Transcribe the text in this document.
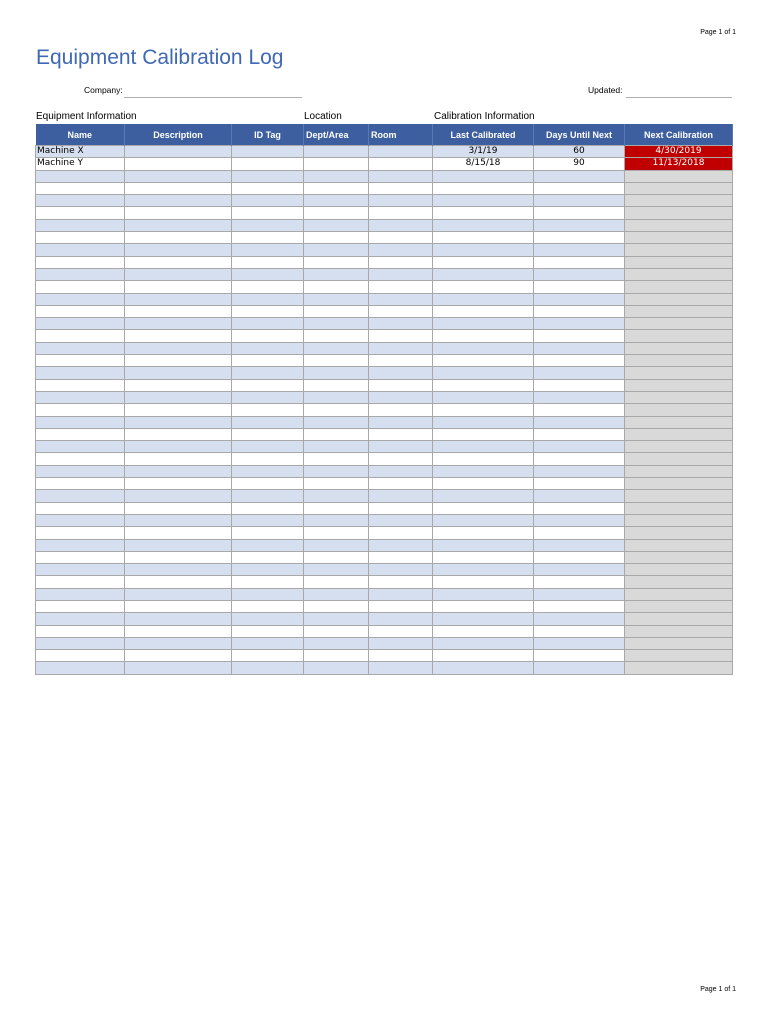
Page 1 of 1
Equipment Calibration Log
Company:	Updated:
Equipment Information	Location	Calibration Information
Name	Description	ID Tag	Dept/Area	Room	Last Calibrated	Days Until Next	Next Calibration
Machine X					3/1/19	60	4/30/2019
Machine Y					8/15/18	90	11/13/2018

Page 1 of 1
